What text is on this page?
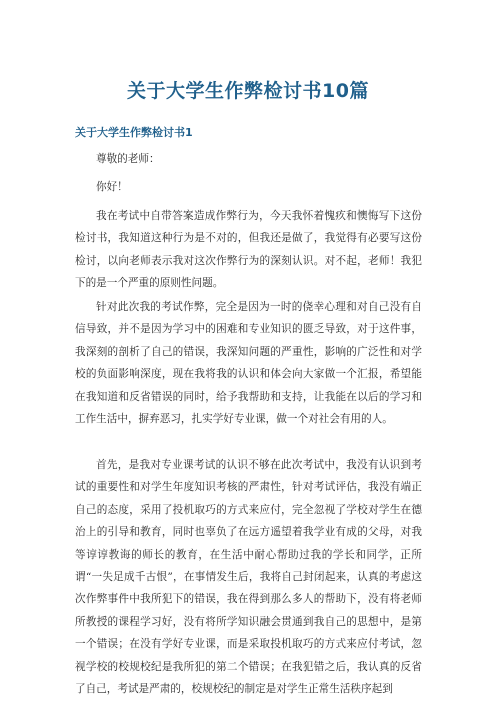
关于大学生作弊检讨书10篇
关于大学生作弊检讨书1

尊敬的老师：

你好！

我在考试中自带答案造成作弊行为，今天我怀着愧疚和懊悔写下这份检讨书，我知道这种行为是不对的，但我还是做了，我觉得有必要写这份检讨，以向老师表示我对这次作弊行为的深刻认识。对不起，老师！我犯下的是一个严重的原则性问题。

针对此次我的考试作弊，完全是因为一时的侥幸心理和对自己没有自信导致，并不是因为学习中的困难和专业知识的匮乏导致，对于这件事，我深刻的剖析了自己的错误，我深知问题的严重性，影响的广泛性和对学校的负面影响深度，现在我将我的认识和体会向大家做一个汇报，希望能在我知道和反省错误的同时，给予我帮助和支持，让我能在以后的学习和工作生活中，摒弃恶习，扎实学好专业课，做一个对社会有用的人。

首先，是我对专业课考试的认识不够在此次考试中，我没有认识到考试的重要性和对学生年度知识考核的严肃性，针对考试评估，我没有端正自己的态度，采用了投机取巧的方式来应付，完全忽视了学校对学生在德治上的引导和教育，同时也辜负了在远方遥望着我学业有成的父母，对我等谆谆教诲的师长的教育，在生活中耐心帮助过我的学长和同学，正所谓“一失足成千古恨”，在事情发生后，我将自己封闭起来，认真的考虑这次作弊事件中我所犯下的错误，我在得到那么多人的帮助下，没有将老师所教授的课程学习好，没有将所学知识融会贯通到我自己的思想中，是第一个错误；在没有学好专业课，而是采取投机取巧的方式来应付考试，忽视学校的校规校纪是我所犯的第二个错误；在我犯错之后，我认真的反省了自己，考试是严肃的，校规校纪的制定是对学生正常生活秩序起到
